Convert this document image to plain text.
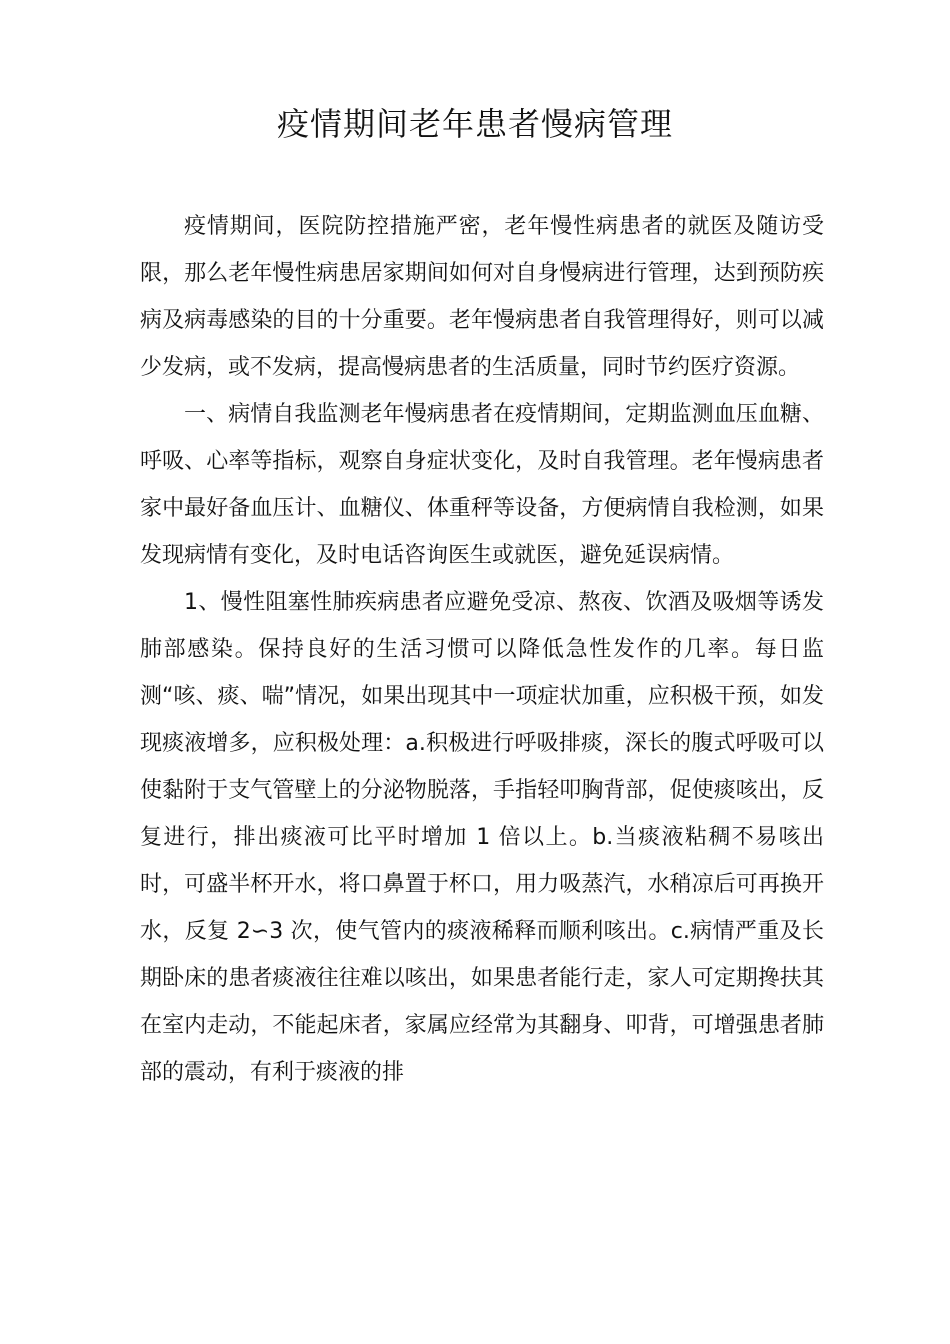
疫情期间老年患者慢病管理

疫情期间，医院防控措施严密，老年慢性病患者的就医及随访受限，那么老年慢性病患居家期间如何对自身慢病进行管理，达到预防疾病及病毒感染的目的十分重要。老年慢病患者自我管理得好，则可以减少发病，或不发病，提高慢病患者的生活质量，同时节约医疗资源。

一、病情自我监测老年慢病患者在疫情期间，定期监测血压血糖、呼吸、心率等指标，观察自身症状变化，及时自我管理。老年慢病患者家中最好备血压计、血糖仪、体重秤等设备，方便病情自我检测，如果发现病情有变化，及时电话咨询医生或就医，避免延误病情。

1、慢性阻塞性肺疾病患者应避免受凉、熬夜、饮酒及吸烟等诱发肺部感染。保持良好的生活习惯可以降低急性发作的几率。每日监测“咳、痰、喘”情况，如果出现其中一项症状加重，应积极干预，如发现痰液增多，应积极处理：a.积极进行呼吸排痰，深长的腹式呼吸可以使黏附于支气管壁上的分泌物脱落，手指轻叩胸背部，促使痰咳出，反复进行，排出痰液可比平时增加 1 倍以上。b.当痰液粘稠不易咳出时，可盛半杯开水，将口鼻置于杯口，用力吸蒸汽，水稍凉后可再换开水，反复 2∽3 次，使气管内的痰液稀释而顺利咳出。c.病情严重及长期卧床的患者痰液往往难以咳出，如果患者能行走，家人可定期搀扶其在室内走动，不能起床者，家属应经常为其翻身、叩背，可增强患者肺部的震动，有利于痰液的排
